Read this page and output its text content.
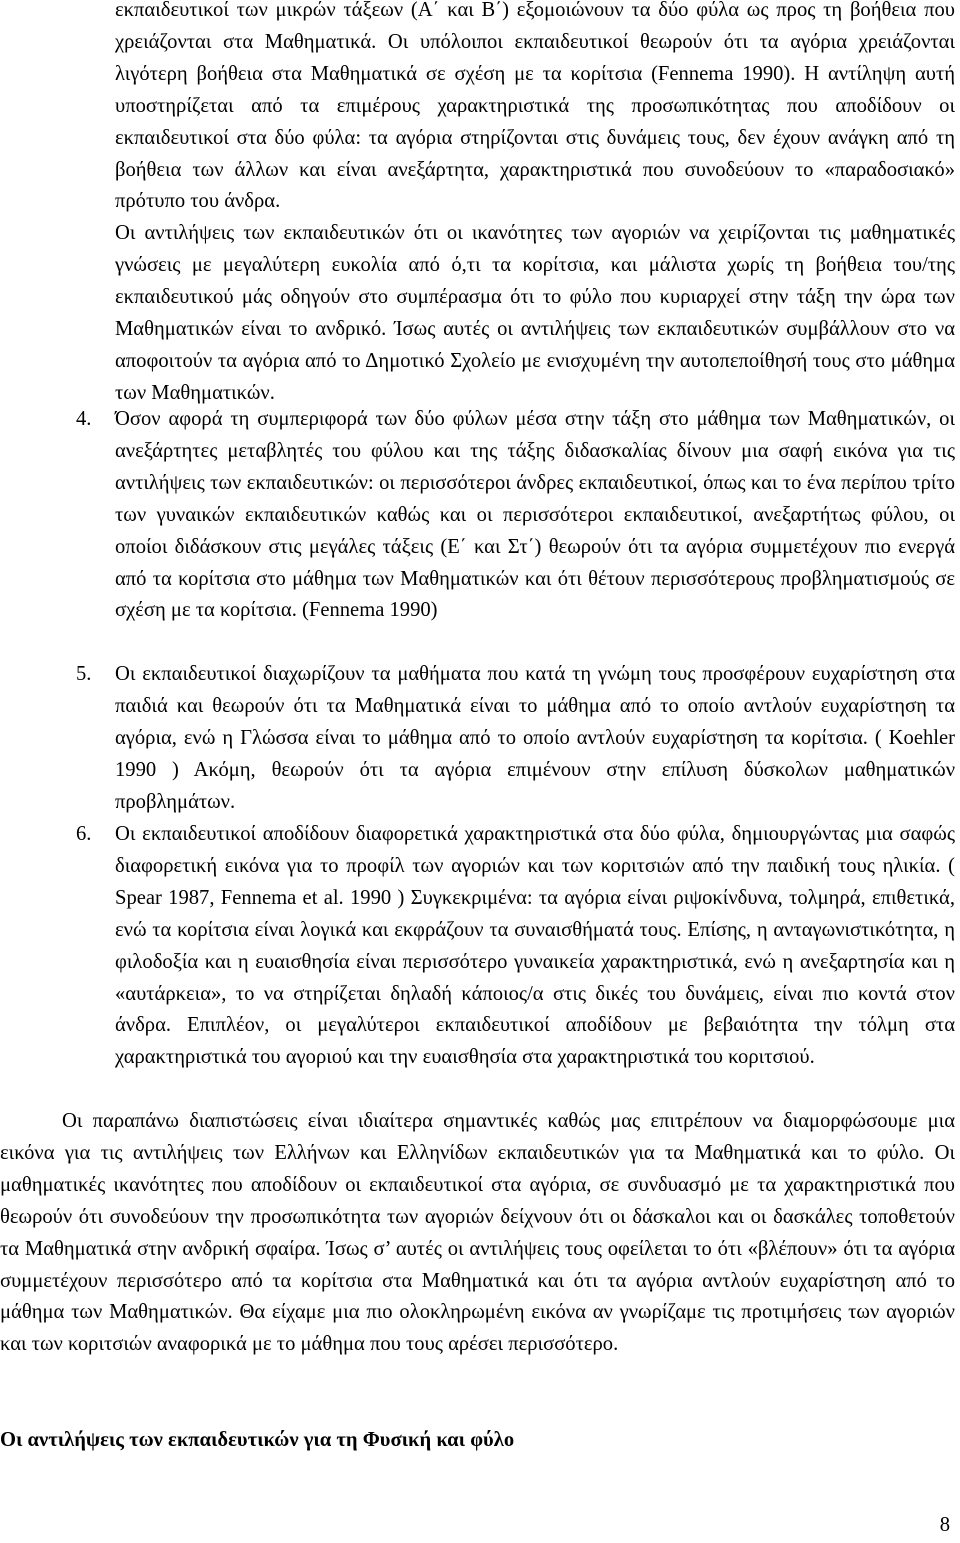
εκπαιδευτικοί των μικρών τάξεων (Α΄ και Β΄) εξομοιώνουν τα δύο φύλα ως προς τη βοήθεια που χρειάζονται στα Μαθηματικά. Οι υπόλοιποι εκπαιδευτικοί θεωρούν ότι τα αγόρια χρειάζονται λιγότερη βοήθεια στα Μαθηματικά σε σχέση με τα κορίτσια (Fennema 1990). Η αντίληψη αυτή υποστηρίζεται από τα επιμέρους χαρακτηριστικά της προσωπικότητας που αποδίδουν οι εκπαιδευτικοί στα δύο φύλα: τα αγόρια στηρίζονται στις δυνάμεις τους, δεν έχουν ανάγκη από τη βοήθεια των άλλων και είναι ανεξάρτητα, χαρακτηριστικά που συνοδεύουν το «παραδοσιακό» πρότυπο του άνδρα.

Οι αντιλήψεις των εκπαιδευτικών ότι οι ικανότητες των αγοριών να χειρίζονται τις μαθηματικές γνώσεις με μεγαλύτερη ευκολία από ό,τι τα κορίτσια, και μάλιστα χωρίς τη βοήθεια του/της εκπαιδευτικού μάς οδηγούν στο συμπέρασμα ότι το φύλο που κυριαρχεί στην τάξη την ώρα των Μαθηματικών είναι το ανδρικό. Ίσως αυτές οι αντιλήψεις των εκπαιδευτικών συμβάλλουν στο να αποφοιτούν τα αγόρια από το Δημοτικό Σχολείο με ενισχυμένη την αυτοπεποίθησή τους στο μάθημα των Μαθηματικών.

4. Όσον αφορά τη συμπεριφορά των δύο φύλων μέσα στην τάξη στο μάθημα των Μαθηματικών, οι ανεξάρτητες μεταβλητές του φύλου και της τάξης διδασκαλίας δίνουν μια σαφή εικόνα για τις αντιλήψεις των εκπαιδευτικών: οι περισσότεροι άνδρες εκπαιδευτικοί, όπως και το ένα περίπου τρίτο των γυναικών εκπαιδευτικών καθώς και οι περισσότεροι εκπαιδευτικοί, ανεξαρτήτως φύλου, οι οποίοι διδάσκουν στις μεγάλες τάξεις (Ε΄ και Στ΄) θεωρούν ότι τα αγόρια συμμετέχουν πιο ενεργά από τα κορίτσια στο μάθημα των Μαθηματικών και ότι θέτουν περισσότερους προβληματισμούς σε σχέση με τα κορίτσια. (Fennema 1990)

5. Οι εκπαιδευτικοί διαχωρίζουν τα μαθήματα που κατά τη γνώμη τους προσφέρουν ευχαρίστηση στα παιδιά και θεωρούν ότι τα Μαθηματικά είναι το μάθημα από το οποίο αντλούν ευχαρίστηση τα αγόρια, ενώ η Γλώσσα είναι το μάθημα από το οποίο αντλούν ευχαρίστηση τα κορίτσια. ( Koehler 1990 ) Ακόμη, θεωρούν ότι τα αγόρια επιμένουν στην επίλυση δύσκολων μαθηματικών προβλημάτων.

6. Οι εκπαιδευτικοί αποδίδουν διαφορετικά χαρακτηριστικά στα δύο φύλα, δημιουργώντας μια σαφώς διαφορετική εικόνα για το προφίλ των αγοριών και των κοριτσιών από την παιδική τους ηλικία. ( Spear 1987, Fennema et al. 1990 ) Συγκεκριμένα: τα αγόρια είναι ριψοκίνδυνα, τολμηρά, επιθετικά, ενώ τα κορίτσια είναι λογικά και εκφράζουν τα συναισθήματά τους. Επίσης, η ανταγωνιστικότητα, η φιλοδοξία και η ευαισθησία είναι περισσότερο γυναικεία χαρακτηριστικά, ενώ η ανεξαρτησία και η «αυτάρκεια», το να στηρίζεται δηλαδή κάποιος/α στις δικές του δυνάμεις, είναι πιο κοντά στον άνδρα. Επιπλέον, οι μεγαλύτεροι εκπαιδευτικοί αποδίδουν με βεβαιότητα την τόλμη στα χαρακτηριστικά του αγοριού και την ευαισθησία στα χαρακτηριστικά του κοριτσιού.

Οι παραπάνω διαπιστώσεις είναι ιδιαίτερα σημαντικές καθώς μας επιτρέπουν να διαμορφώσουμε μια εικόνα για τις αντιλήψεις των Ελλήνων και Ελληνίδων εκπαιδευτικών για τα Μαθηματικά και το φύλο. Οι μαθηματικές ικανότητες που αποδίδουν οι εκπαιδευτικοί στα αγόρια, σε συνδυασμό με τα χαρακτηριστικά που θεωρούν ότι συνοδεύουν την προσωπικότητα των αγοριών δείχνουν ότι οι δάσκαλοι και οι δασκάλες τοποθετούν τα Μαθηματικά στην ανδρική σφαίρα. Ίσως σ’ αυτές οι αντιλήψεις τους οφείλεται το ότι «βλέπουν» ότι τα αγόρια συμμετέχουν περισσότερο από τα κορίτσια στα Μαθηματικά και ότι τα αγόρια αντλούν ευχαρίστηση από το μάθημα των Μαθηματικών. Θα είχαμε μια πιο ολοκληρωμένη εικόνα αν γνωρίζαμε τις προτιμήσεις των αγοριών και των κοριτσιών αναφορικά με το μάθημα που τους αρέσει περισσότερο.

Οι αντιλήψεις των εκπαιδευτικών για τη Φυσική και φύλο
8
